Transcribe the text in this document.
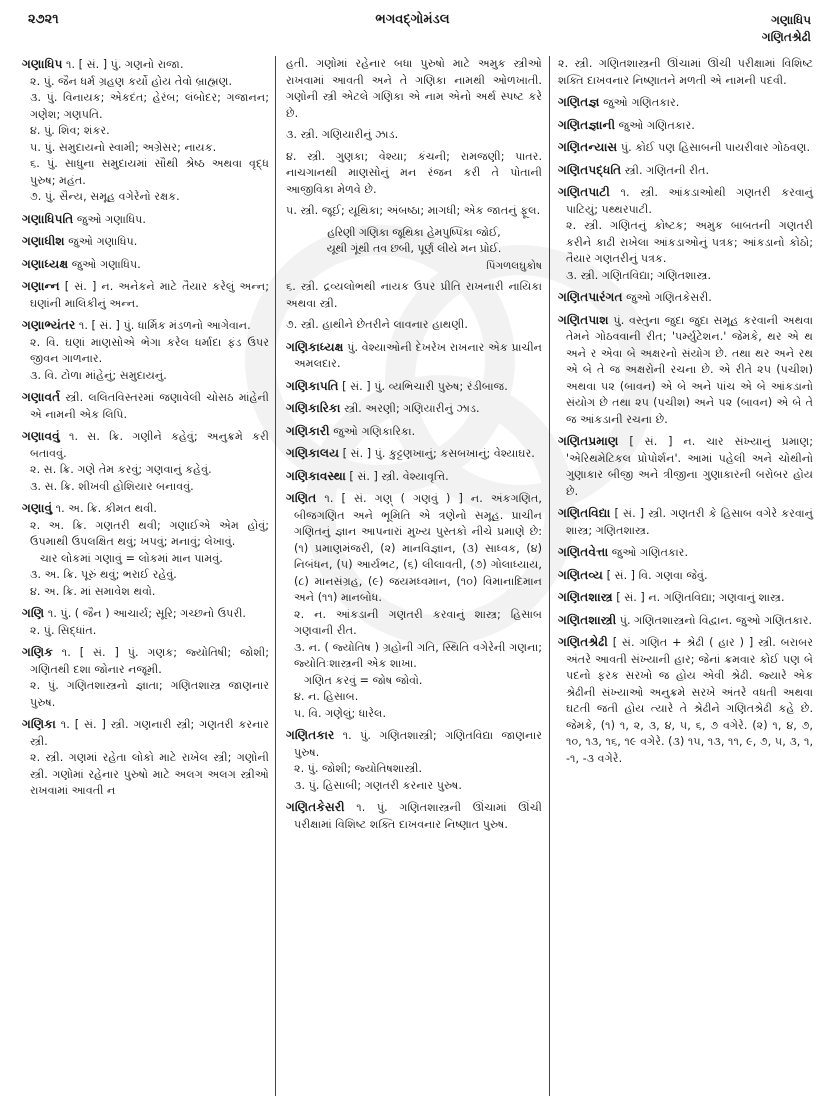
૨૭૨૧	ભગવદ્ગોમંડલ	ગણાધિપ
ગણિતશ્રેઢી
ગણાધિપ ૧. [ સં. ] પું. ગણનો રાજા.
૨. પું. જૈન ધર્મ ગ્રહણ કર્યો હોય તેવો બ્રાહ્મણ.
૩. પું. વિનાયક; એકદંત; હેરંબ; લંબોદર; ગજાનન; ગણેશ; ગણપતિ.
૪. પું. શિવ; શંકર.
૫. પું. સમુદાયનો સ્વામી; અગ્રેસર; નાયક.
૬. પું. સાધુના સમુદાયમાં સૌથી શ્રેષ્ઠ અથવા વૃદ્ધ પુરુષ; મહંત.
૭. પું. સૈન્ય, સમૂહ વગેરેનો રક્ષક.
ગણાધિપતિ જુઓ ગણાધિપ.
ગણાધીશ જુઓ ગણાધિપ.
ગણાધ્યક્ષ જુઓ ગણાધિપ.
ગણાન્ન [ સં. ] ન. અનેકને માટે તૈયાર કરેલું અન્ન; ઘણાંની માલિકીનું અન્ન.
ગણાભ્યંતર ૧. [ સં. ] પું. ધાર્મિક મંડળનો આગેવાન.
૨. વિ. ઘણાં માણસોએ ભેગા કરેલ ધર્માદા ફંડ ઉપર જીવન ગાળનાર.
૩. વિ. ટોળા માંહેનું; સમુદાયનું.
ગણાવર્ત સ્ત્રી. લલિતવિસ્તરમાં જણાવેલી ચોસઠ માંહેની એ નામની એક લિપિ.
ગણાવવું ૧. સ. ક્રિ. ગણીને કહેવું; અનુક્રમે કરી બતાવવું.
૨. સ. ક્રિ. ગણે તેમ કરવું; ગણવાનું કહેવું.
૩. સ. ક્રિ. શીખવી હોશિયાર બનાવવું.
ગણાવું ૧. અ. ક્રિ. કીમત થવી.
૨. અ. ક્રિ. ગણતરી થવી; ગણાઈએ એમ હોવું; ઉપમાથી ઉપલક્ષિત થવું; ખપવું; મનાવું; લેખાવું.
ચાર લોકમાં ગણાવું = લોકમાં માન પામવું.
૩. અ. ક્રિ. પૂરું થવું; ભરાઈ રહેવું.
૪. અ. ક્રિ. માં સમાવેશ થવો.
ગણિ ૧. પું. ( જૈન ) આચાર્ય; સૂરિ; ગચ્છનો ઉપરી.
૨. પું. સિદ્ધાંત.
ગણિક ૧. [ સં. ] પું. ગણક; જ્યોતિષી; જોશી; ગણિતથી દશા જોનાર નજૂમી.
૨. પું. ગણિતશાસ્ત્રનો જ્ઞાતા; ગણિતશાસ્ત્ર જાણનાર પુરુષ.
ગણિકા ૧. [ સં. ] સ્ત્રી. ગણનારી સ્ત્રી; ગણતરી કરનાર સ્ત્રી.
૨. સ્ત્રી. ગણમાં રહેતા લોકો માટે રાખેલ સ્ત્રી; ગણોની સ્ત્રી. ગણોમાં રહેનાર પુરુષો માટે અલગ અલગ સ્ત્રીઓ રાખવામાં આવતી ન
હતી. ગણોમાં રહેનાર બધા પુરુષો માટે અમુક સ્ત્રીઓ રાખવામાં આવતી અને તે ગણિકા નામથી ઓળખાતી. ગણોની સ્ત્રી એટલે ગણિકા એ નામ એનો અર્થ સ્પષ્ટ કરે છે.
૩. સ્ત્રી. ગણિયારીનું ઝાડ.
૪. સ્ત્રી. ગુણકા; વેશ્યા; કંચની; રામજણી; પાતર. નાચગાનથી માણસોનું મન રંજન કરી તે પોતાની આજીવિકા મેળવે છે.
૫. સ્ત્રી. જૂઈ; યૂથિકા; અંબષ્ઠા; માગધી; એક જાતનું ફૂલ.
હરિણી ગણિકા જૂથિકા હેમપુષ્પિકા જોઈ,
યૂથી ગૂંથી તવ છબી, પૂર્ણ લીયે મન પ્રોઈ.
પિંગળલઘુકોષ
૬. સ્ત્રી. દ્રવ્યલોભથી નાયક ઉપર પ્રીતિ રાખનારી નાયિકા અથવા સ્ત્રી.
૭. સ્ત્રી. હાથીને છેતરીને લાવનાર હાથણી.
ગણિકાધ્યક્ષ પું. વેશ્યાઓની દેખરેખ રાખનાર એક પ્રાચીન અમલદાર.
ગણિકાપતિ [ સં. ] પું. વ્યભિચારી પુરુષ; રંડીબાજ.
ગણિકારિકા સ્ત્રી. અરણી; ગણિયારીનું ઝાડ.
ગણિકારી જુઓ ગણિકારિકા.
ગણિકાલય [ સં. ] પું. કુટ્ટણખાનું; કસબખાનું; વેશ્યાઘર.
ગણિકાવસ્થા [ સં. ] સ્ત્રી. વેશ્યાવૃત્તિ.
ગણિત ૧. [ સં. ગણ્ ( ગણવું ) ] ન. અંકગણિત, બીજગણિત અને ભૂમિતિ એ ત્રણેનો સમૂહ. પ્રાચીન ગણિતનું જ્ઞાન આપનારાં મુખ્ય પુસ્તકો નીચે પ્રમાણે છે: (૧) પ્રમાણમંજરી, (૨) માનવિજ્ઞાન, (૩) સાધ્વક, (૪) નિબંધન, (૫) આર્યભટ, (૬) લીલાવતી, (૭) ગોલાધ્યાય, (૮) માનસંગ્રહ, (૯) જયમધ્વમાન, (૧૦) વિમાનાદિમાન અને (૧૧) માનબોધ.
૨. ન. આંકડાની ગણતરી કરવાનું શાસ્ત્ર; હિસાબ ગણવાની રીત.
૩. ન. ( જ્યોતિષ ) ગ્રહોની ગતિ, સ્થિતિ વગેરેની ગણના; જ્યોતિઃશાસ્ત્રની એક શાખા.
ગણિત કરવું = જોષ જોવો.
૪. ન. હિસાબ.
૫. વિ. ગણેલું; ધારેલ.
ગણિતકાર ૧. પું. ગણિતશાસ્ત્રી; ગણિતવિદ્યા જાણનાર પુરુષ.
૨. પું. જોશી; જ્યોતિષશાસ્ત્રી.
૩. પું. હિસાબી; ગણતરી કરનાર પુરુષ.
ગણિતકેસરી ૧. પું. ગણિતશાસ્ત્રની ઊંચામાં ઊંચી પરીક્ષામાં વિશિષ્ટ શક્તિ દાખવનાર નિષ્ણાત પુરુષ.
૨. સ્ત્રી. ગણિતશાસ્ત્રની ઊંચામાં ઊંચી પરીક્ષામાં વિશિષ્ટ શક્તિ દાખવનાર નિષ્ણાતને મળતી એ નામની પદવી.
ગણિતજ્ઞ જુઓ ગણિતકાર.
ગણિતજ્ઞાની જુઓ ગણિતકાર.
ગણિતન્યાસ પું. કોઈ પણ હિસાબની પાયરીવાર ગોઠવણ.
ગણિતપદ્ધતિ સ્ત્રી. ગણિતની રીત.
ગણિતપાટી ૧. સ્ત્રી. આંકડાઓથી ગણતરી કરવાનું પાટિયું; પથ્થરપાટી.
૨. સ્ત્રી. ગણિતનું કોષ્ટક; અમુક બાબતની ગણતરી કરીને કાઢી રાખેલા આંકડાઓનું પત્રક; આંકડાનો કોઠો; તૈયાર ગણતરીનું પત્રક.
૩. સ્ત્રી. ગણિતવિદ્યા; ગણિતશાસ્ત્ર.
ગણિતપારંગત જુઓ ગણિતકેસરી.
ગણિતપાશ પું. વસ્તુના જુદા જુદા સમૂહ કરવાની અથવા તેમને ગોઠવવાની રીત; 'પર્મ્યુટેશન.' જેમકે, થર એ થ અને ર એવા બે અક્ષરનો સંયોગ છે. તથા થર અને રથ એ બે તે જ અક્ષરોની રચના છે. એ રીતે ૨૫ (પચીશ) અથવા ૫૨ (બાવન) એ બે અને પાંચ એ બે આંકડાનો સંયોગ છે તથા ૨૫ (પચીશ) અને ૫૨ (બાવન) એ બે તે જ આંકડાની રચના છે.
ગણિતપ્રમાણ [ સં. ] ન. ચાર સંખ્યાનું પ્રમાણ; 'એરિથમેટિકલ પ્રોપોર્શન'. આમાં પહેલી અને ચોથીનો ગુણાકાર બીજી અને ત્રીજીના ગુણાકારની બરોબર હોય છે.
ગણિતવિદ્યા [ સં. ] સ્ત્રી. ગણતરી કે હિસાબ વગેરે કરવાનું શાસ્ત્ર; ગણિતશાસ્ત્ર.
ગણિતવેત્તા જુઓ ગણિતકાર.
ગણિતવ્ય [ સં. ] વિ. ગણવા જેવું.
ગણિતશાસ્ત્ર [ સં. ] ન. ગણિતવિદ્યા; ગણવાનું શાસ્ત્ર.
ગણિતશાસ્ત્રી પું. ગણિતશાસ્ત્રનો વિદ્વાન. જુઓ ગણિતકાર.
ગણિતશ્રેઢી [ સં. ગણિત + શ્રેઢી ( હાર ) ] સ્ત્રી. બરાબર અંતરે આવતી સંખ્યાની હાર; જેનાં ક્રમવાર કોઈ પણ બે પદનો ફરક સરખો જ હોય એવી શ્રેઢી. જ્યારે એક શ્રેઢીની સંખ્યાઓ અનુક્રમે સરખે અંતરે વધતી અથવા ઘટતી જતી હોય ત્યારે તે શ્રેઢીને ગણિતશ્રેઢી કહે છે. જેમકે, (૧) ૧, ૨, ૩, ૪, ૫, ૬, ૭ વગેરે. (૨) ૧, ૪, ૭, ૧૦, ૧૩, ૧૬, ૧૯ વગેરે. (૩) ૧૫, ૧૩, ૧૧, ૯, ૭, ૫, ૩, ૧, -૧, -૩ વગેરે.
